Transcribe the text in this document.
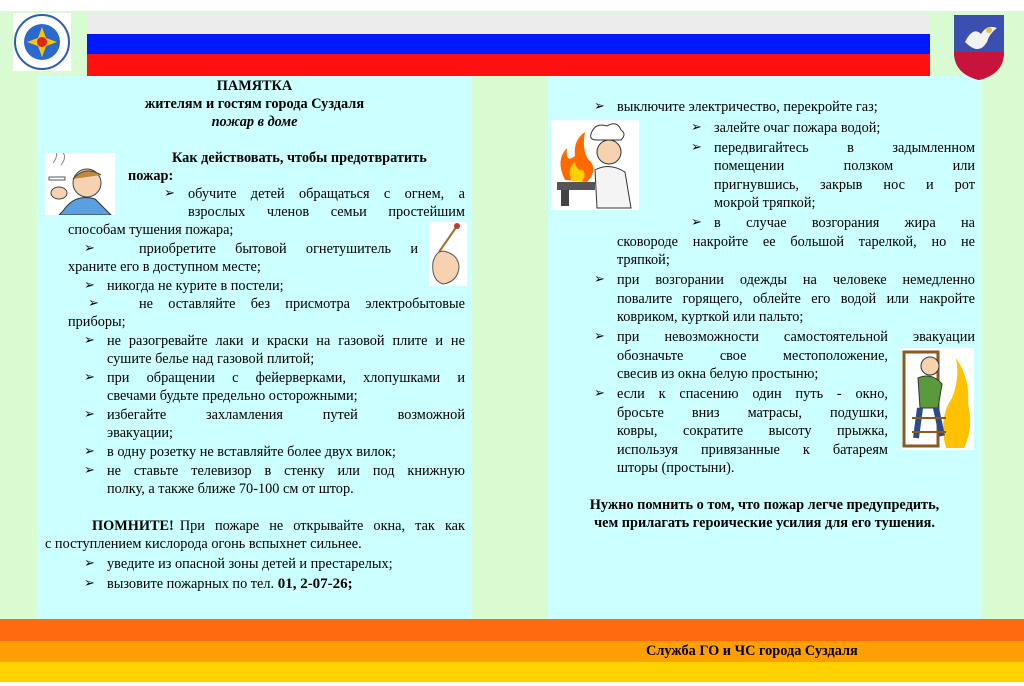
ПАМЯТКА
жителям и гостям города Суздаля
пожар в доме
Как действовать, чтобы предотвратить
пожар:
➢ обучите детей обращаться с огнем, а
взрослых членов семьи простейшим
способам тушения пожара;
➢	приобретите бытовой огнетушитель и
храните его в доступном месте;
➢ никогда не курите в постели;
➢	не оставляйте без присмотра электробытовые
приборы;
➢ не разогревайте лаки и краски на газовой плите и не
сушите белье над газовой плитой;
➢ при обращении с фейерверками, хлопушками и
свечами будьте предельно осторожными;
➢ избегайте	захламления	путей	возможной
эвакуации;
➢ в одну розетку не вставляйте более двух вилок;
➢ не ставьте телевизор в стенку или под книжную
полку, а также ближе 70-100 см от штор.
ПОМНИТЕ! При пожаре не открывайте окна, так как
с поступлением кислорода огонь вспыхнет сильнее.
➢ уведите из опасной зоны детей и престарелых;
➢ вызовите пожарных по тел. 01, 2-07-26;
➢ выключите электричество, перекройте газ;
➢ залейте очаг пожара водой;
➢ передвигайтесь	в	задымленном
помещении	ползком	или
пригнувшись, закрыв нос и рот
мокрой тряпкой;
➢ в случае возгорания жира на
сковороде накройте ее большой тарелкой, но не
тряпкой;
➢ при возгорании одежды на человеке немедленно
повалите горящего, облейте его водой или накройте
ковриком, курткой или пальто;
➢ при невозможности самостоятельной эвакуации
обозначьте	свое	местоположение,
свесив из окна белую простыню;
➢ если к спасению один путь - окно,
бросьте вниз матрасы, подушки,
ковры, сократите высоту прыжка,
используя привязанные к батареям
шторы (простыни).
Нужно помнить о том, что пожар легче предупредить,
чем прилагать героические усилия для его тушения.
Служба ГО и ЧС города Суздаля
